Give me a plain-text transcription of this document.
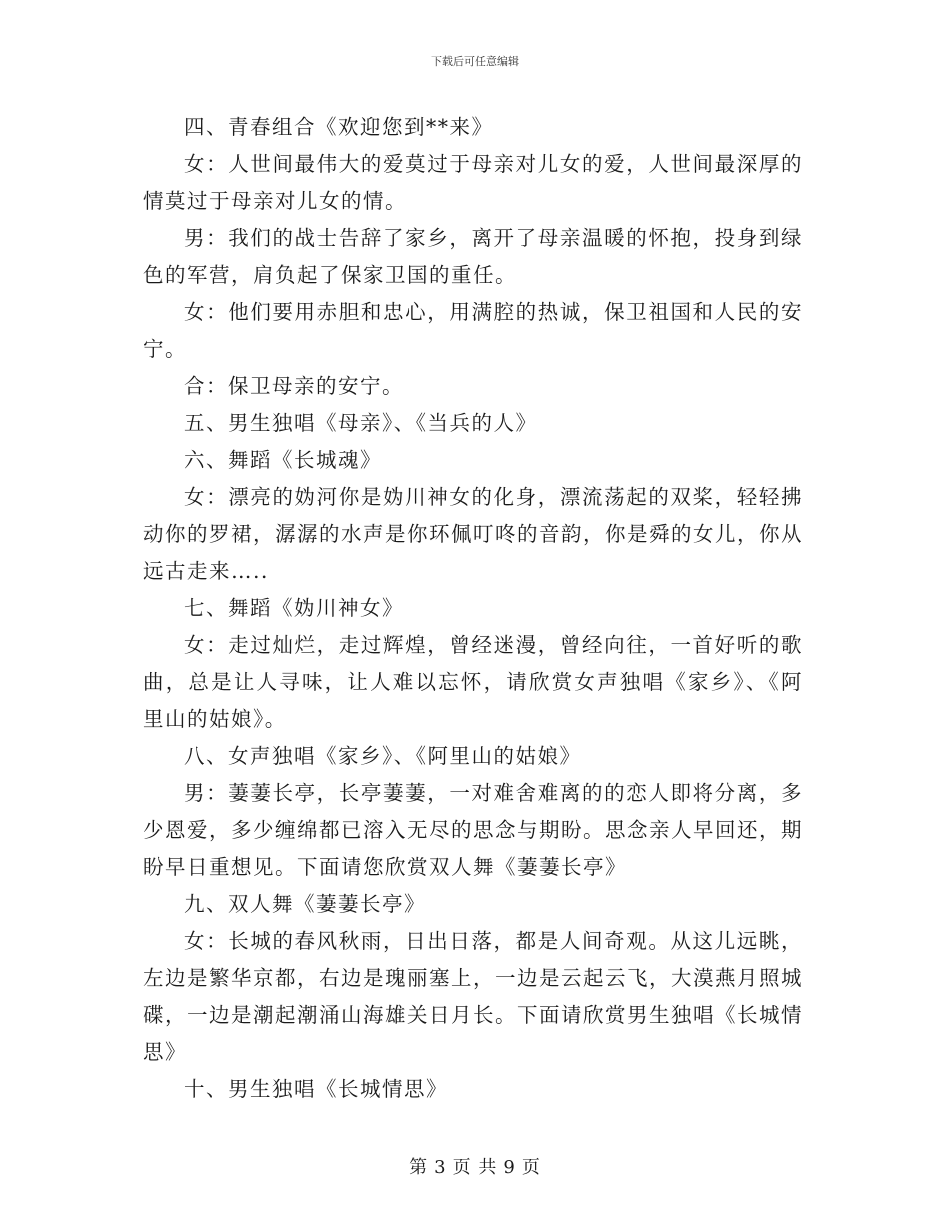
下载后可任意编辑

四、青春组合《欢迎您到**来》

女：人世间最伟大的爱莫过于母亲对儿女的爱，人世间最深厚的情莫过于母亲对儿女的情。

男：我们的战士告辞了家乡，离开了母亲温暖的怀抱，投身到绿色的军营，肩负起了保家卫国的重任。

女：他们要用赤胆和忠心，用满腔的热诚，保卫祖国和人民的安宁。

合：保卫母亲的安宁。

五、男生独唱《母亲》、《当兵的人》

六、舞蹈《长城魂》

女：漂亮的妫河你是妫川神女的化身，漂流荡起的双桨，轻轻拂动你的罗裙，潺潺的水声是你环佩叮咚的音韵，你是舜的女儿，你从远古走来….．

七、舞蹈《妫川神女》

女：走过灿烂，走过辉煌，曾经迷漫，曾经向往，一首好听的歌曲，总是让人寻味，让人难以忘怀，请欣赏女声独唱《家乡》、《阿里山的姑娘》。

八、女声独唱《家乡》、《阿里山的姑娘》

男：萋萋长亭，长亭萋萋，一对难舍难离的的恋人即将分离，多少恩爱，多少缠绵都已溶入无尽的思念与期盼。思念亲人早回还，期盼早日重想见。下面请您欣赏双人舞《萋萋长亭》

九、双人舞《萋萋长亭》

女：长城的春风秋雨，日出日落，都是人间奇观。从这儿远眺，左边是繁华京都，右边是瑰丽塞上，一边是云起云飞，大漠燕月照城碟，一边是潮起潮涌山海雄关日月长。下面请欣赏男生独唱《长城情思》

十、男生独唱《长城情思》

第 3 页 共 9 页
